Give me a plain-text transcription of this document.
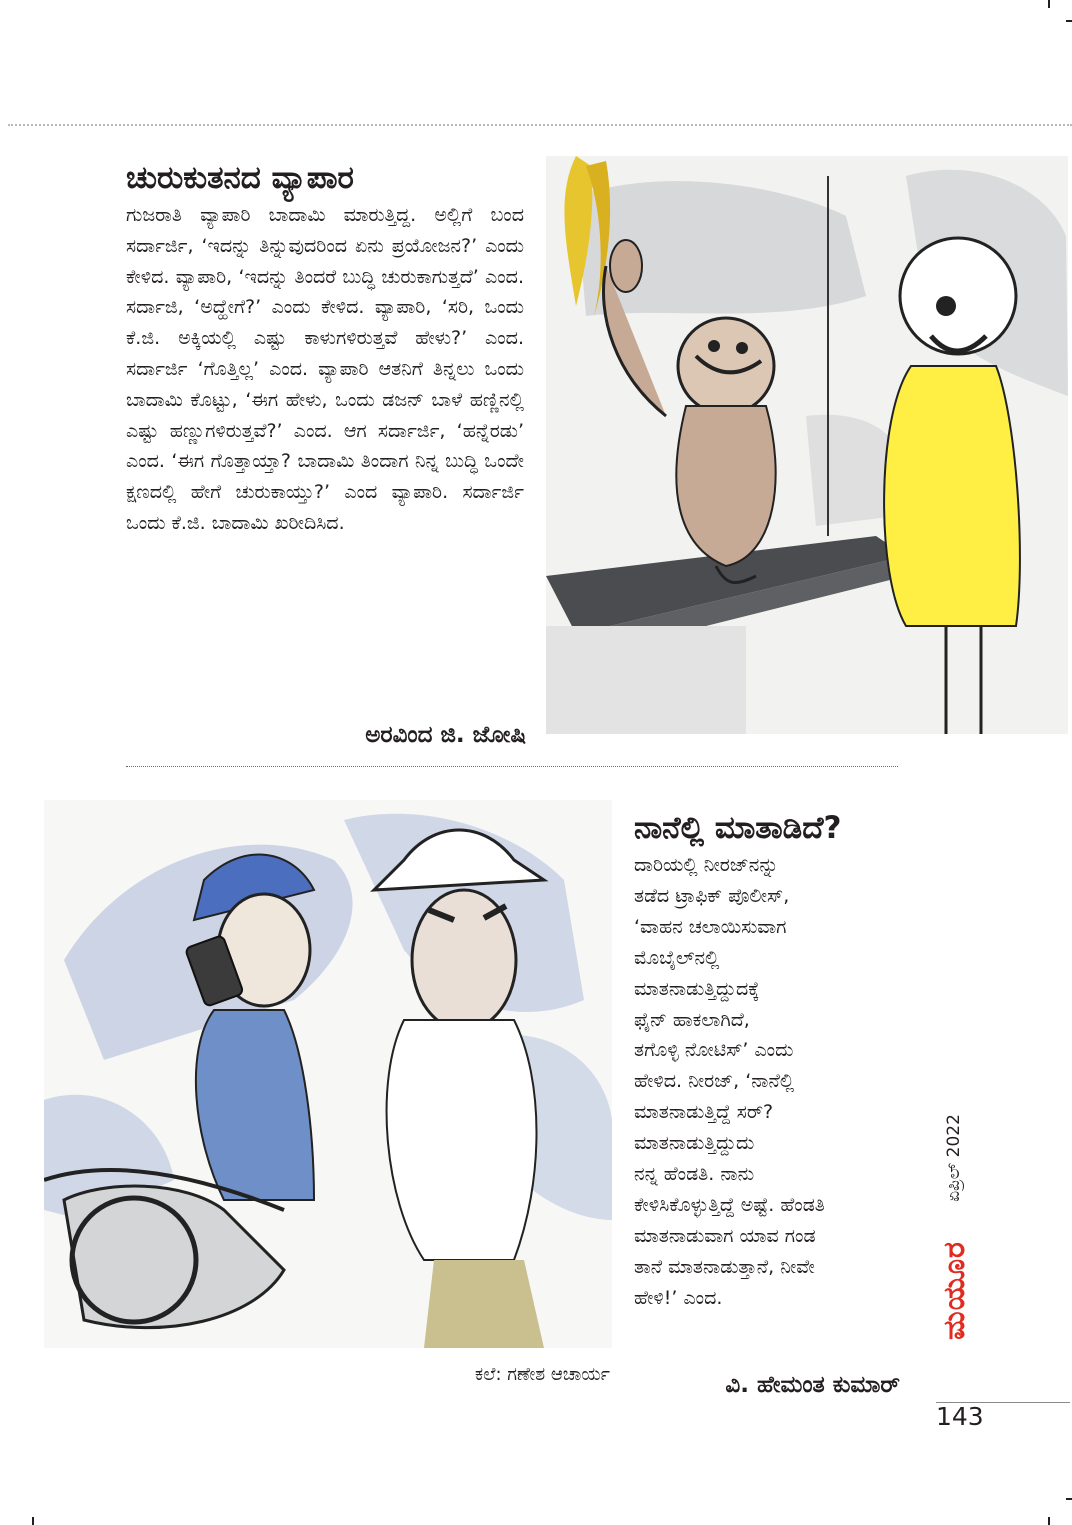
ಚುರುಕುತನದ ವ್ಯಾಪಾರ

ಗುಜರಾತಿ ವ್ಯಾಪಾರಿ ಬಾದಾಮಿ ಮಾರುತ್ತಿದ್ದ. ಅಲ್ಲಿಗೆ ಬಂದ ಸರ್ದಾರ್ಜಿ, ‘ಇದನ್ನು ತಿನ್ನುವುದರಿಂದ ಏನು ಪ್ರಯೋಜನ?’ ಎಂದು ಕೇಳಿದ. ವ್ಯಾಪಾರಿ, ‘ಇದನ್ನು ತಿಂದರೆ ಬುದ್ಧಿ ಚುರುಕಾಗುತ್ತದೆ’ ಎಂದ. ಸರ್ದಾಜಿ, ‘ಅದ್ಹೇಗೆ?’ ಎಂದು ಕೇಳಿದ. ವ್ಯಾಪಾರಿ, ‘ಸರಿ, ಒಂದು ಕೆ.ಜಿ. ಅಕ್ಕಿಯಲ್ಲಿ ಎಷ್ಟು ಕಾಳುಗಳಿರುತ್ತವೆ ಹೇಳು?’ ಎಂದ. ಸರ್ದಾರ್ಜಿ ‘ಗೊತ್ತಿಲ್ಲ’ ಎಂದ. ವ್ಯಾಪಾರಿ ಆತನಿಗೆ ತಿನ್ನಲು ಒಂದು ಬಾದಾಮಿ ಕೊಟ್ಟು, ‘ಈಗ ಹೇಳು, ಒಂದು ಡಜನ್ ಬಾಳೆ ಹಣ್ಣಿನಲ್ಲಿ ಎಷ್ಟು ಹಣ್ಣುಗಳಿರುತ್ತವೆ?’ ಎಂದ. ಆಗ ಸರ್ದಾರ್ಜಿ, ‘ಹನ್ನೆರಡು’ ಎಂದ. ‘ಈಗ ಗೊತ್ತಾಯ್ತಾ? ಬಾದಾಮಿ ತಿಂದಾಗ ನಿನ್ನ ಬುದ್ಧಿ ಒಂದೇ ಕ್ಷಣದಲ್ಲಿ ಹೇಗೆ ಚುರುಕಾಯ್ತು?’ ಎಂದ ವ್ಯಾಪಾರಿ. ಸರ್ದಾರ್ಜಿ ಒಂದು ಕೆ.ಜಿ. ಬಾದಾಮಿ ಖರೀದಿಸಿದ.

ಅರವಿಂದ ಜಿ. ಜೋಷಿ

ಕಲೆ: ಗಣೇಶ ಆಚಾರ್ಯ
ನಾನೆಲ್ಲಿ ಮಾತಾಡಿದೆ?

ದಾರಿಯಲ್ಲಿ ನೀರಜ್‌ನನ್ನು
ತಡೆದ ಟ್ರಾಫಿಕ್ ಪೊಲೀಸ್,
‘ವಾಹನ ಚಲಾಯಿಸುವಾಗ
ಮೊಬೈಲ್‌ನಲ್ಲಿ
ಮಾತನಾಡುತ್ತಿದ್ದುದಕ್ಕೆ
ಫೈನ್ ಹಾಕಲಾಗಿದೆ,
ತಗೊಳ್ಳಿ ನೋಟಿಸ್’ ಎಂದು
ಹೇಳಿದ. ನೀರಜ್, ‘ನಾನೆಲ್ಲಿ
ಮಾತನಾಡುತ್ತಿದ್ದೆ ಸರ್?
ಮಾತನಾಡುತ್ತಿದ್ದುದು
ನನ್ನ ಹೆಂಡತಿ. ನಾನು
ಕೇಳಿಸಿಕೊಳ್ಳುತ್ತಿದ್ದೆ ಅಷ್ಟೆ. ಹೆಂಡತಿ
ಮಾತನಾಡುವಾಗ ಯಾವ ಗಂಡ
ತಾನೆ ಮಾತನಾಡುತ್ತಾನೆ, ನೀವೇ
ಹೇಳಿ!’ ಎಂದ.

ವಿ. ಹೇಮಂತ ಕುಮಾರ್

ಏಪ್ರಿಲ್ 2022
ಮಯೂರ
143
